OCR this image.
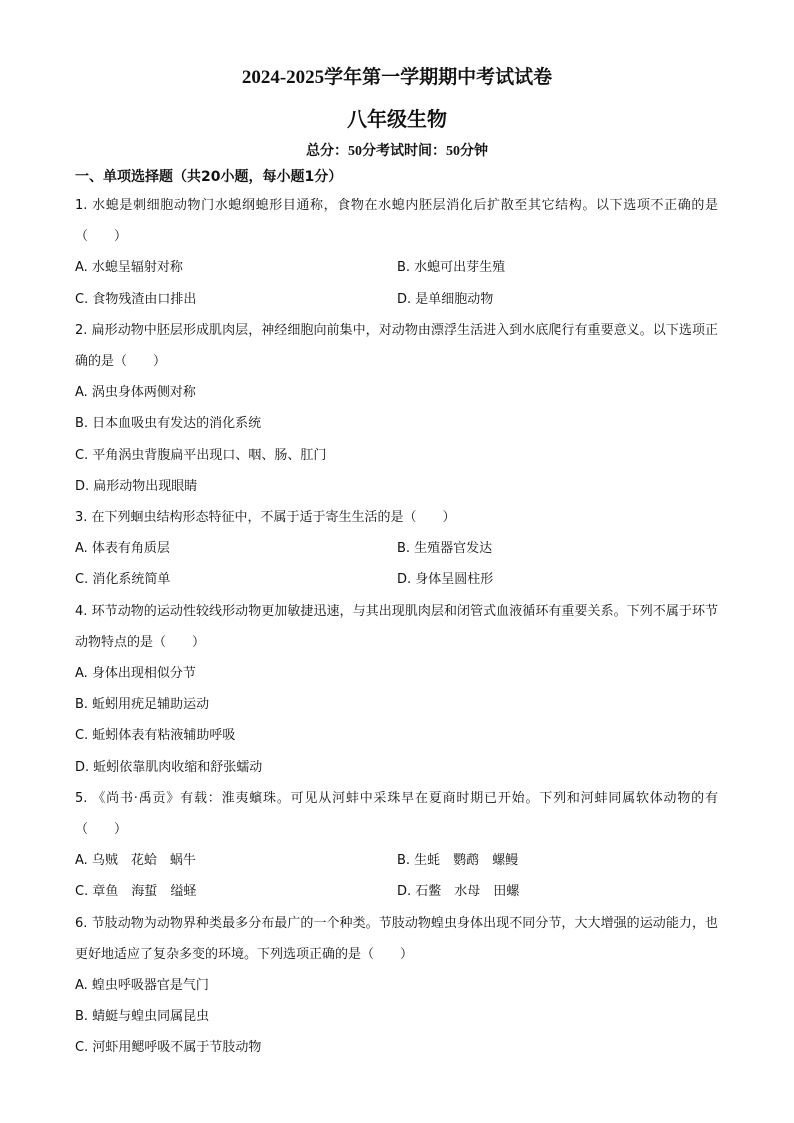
2024-2025学年第一学期期中考试试卷
八年级生物
总分：50分考试时间：50分钟
一、单项选择题（共20小题，每小题1分）
1. 水螅是刺细胞动物门水螅纲螅形目通称，食物在水螅内胚层消化后扩散至其它结构。以下选项不正确的是（　　）
A. 水螅呈辐射对称	B. 水螅可出芽生殖
C. 食物残渣由口排出	D. 是单细胞动物
2. 扁形动物中胚层形成肌肉层，神经细胞向前集中，对动物由漂浮生活进入到水底爬行有重要意义。以下选项正确的是（　　）
A. 涡虫身体两侧对称
B. 日本血吸虫有发达的消化系统
C. 平角涡虫背腹扁平出现口、咽、肠、肛门
D. 扁形动物出现眼睛
3. 在下列蛔虫结构形态特征中，不属于适于寄生生活的是（　　）
A. 体表有角质层	B. 生殖器官发达
C. 消化系统简单	D. 身体呈圆柱形
4. 环节动物的运动性较线形动物更加敏捷迅速，与其出现肌肉层和闭管式血液循环有重要关系。下列不属于环节动物特点的是（　　）
A. 身体出现相似分节
B. 蚯蚓用疣足辅助运动
C. 蚯蚓体表有粘液辅助呼吸
D. 蚯蚓依靠肌肉收缩和舒张蠕动
5. 《尚书·禹贡》有载：淮夷蠙珠。可见从河蚌中采珠早在夏商时期已开始。下列和河蚌同属软体动物的有（　　）
A. 乌贼　花蛤　蜗牛	B. 生蚝　鹦鹉　螺鳗
C. 章鱼　海蜇　缢蛏	D. 石鳖　水母　田螺
6. 节肢动物为动物界种类最多分布最广的一个种类。节肢动物蝗虫身体出现不同分节，大大增强的运动能力，也更好地适应了复杂多变的环境。下列选项正确的是（　　）
A. 蝗虫呼吸器官是气门
B. 蜻蜓与蝗虫同属昆虫
C. 河虾用鳃呼吸不属于节肢动物
